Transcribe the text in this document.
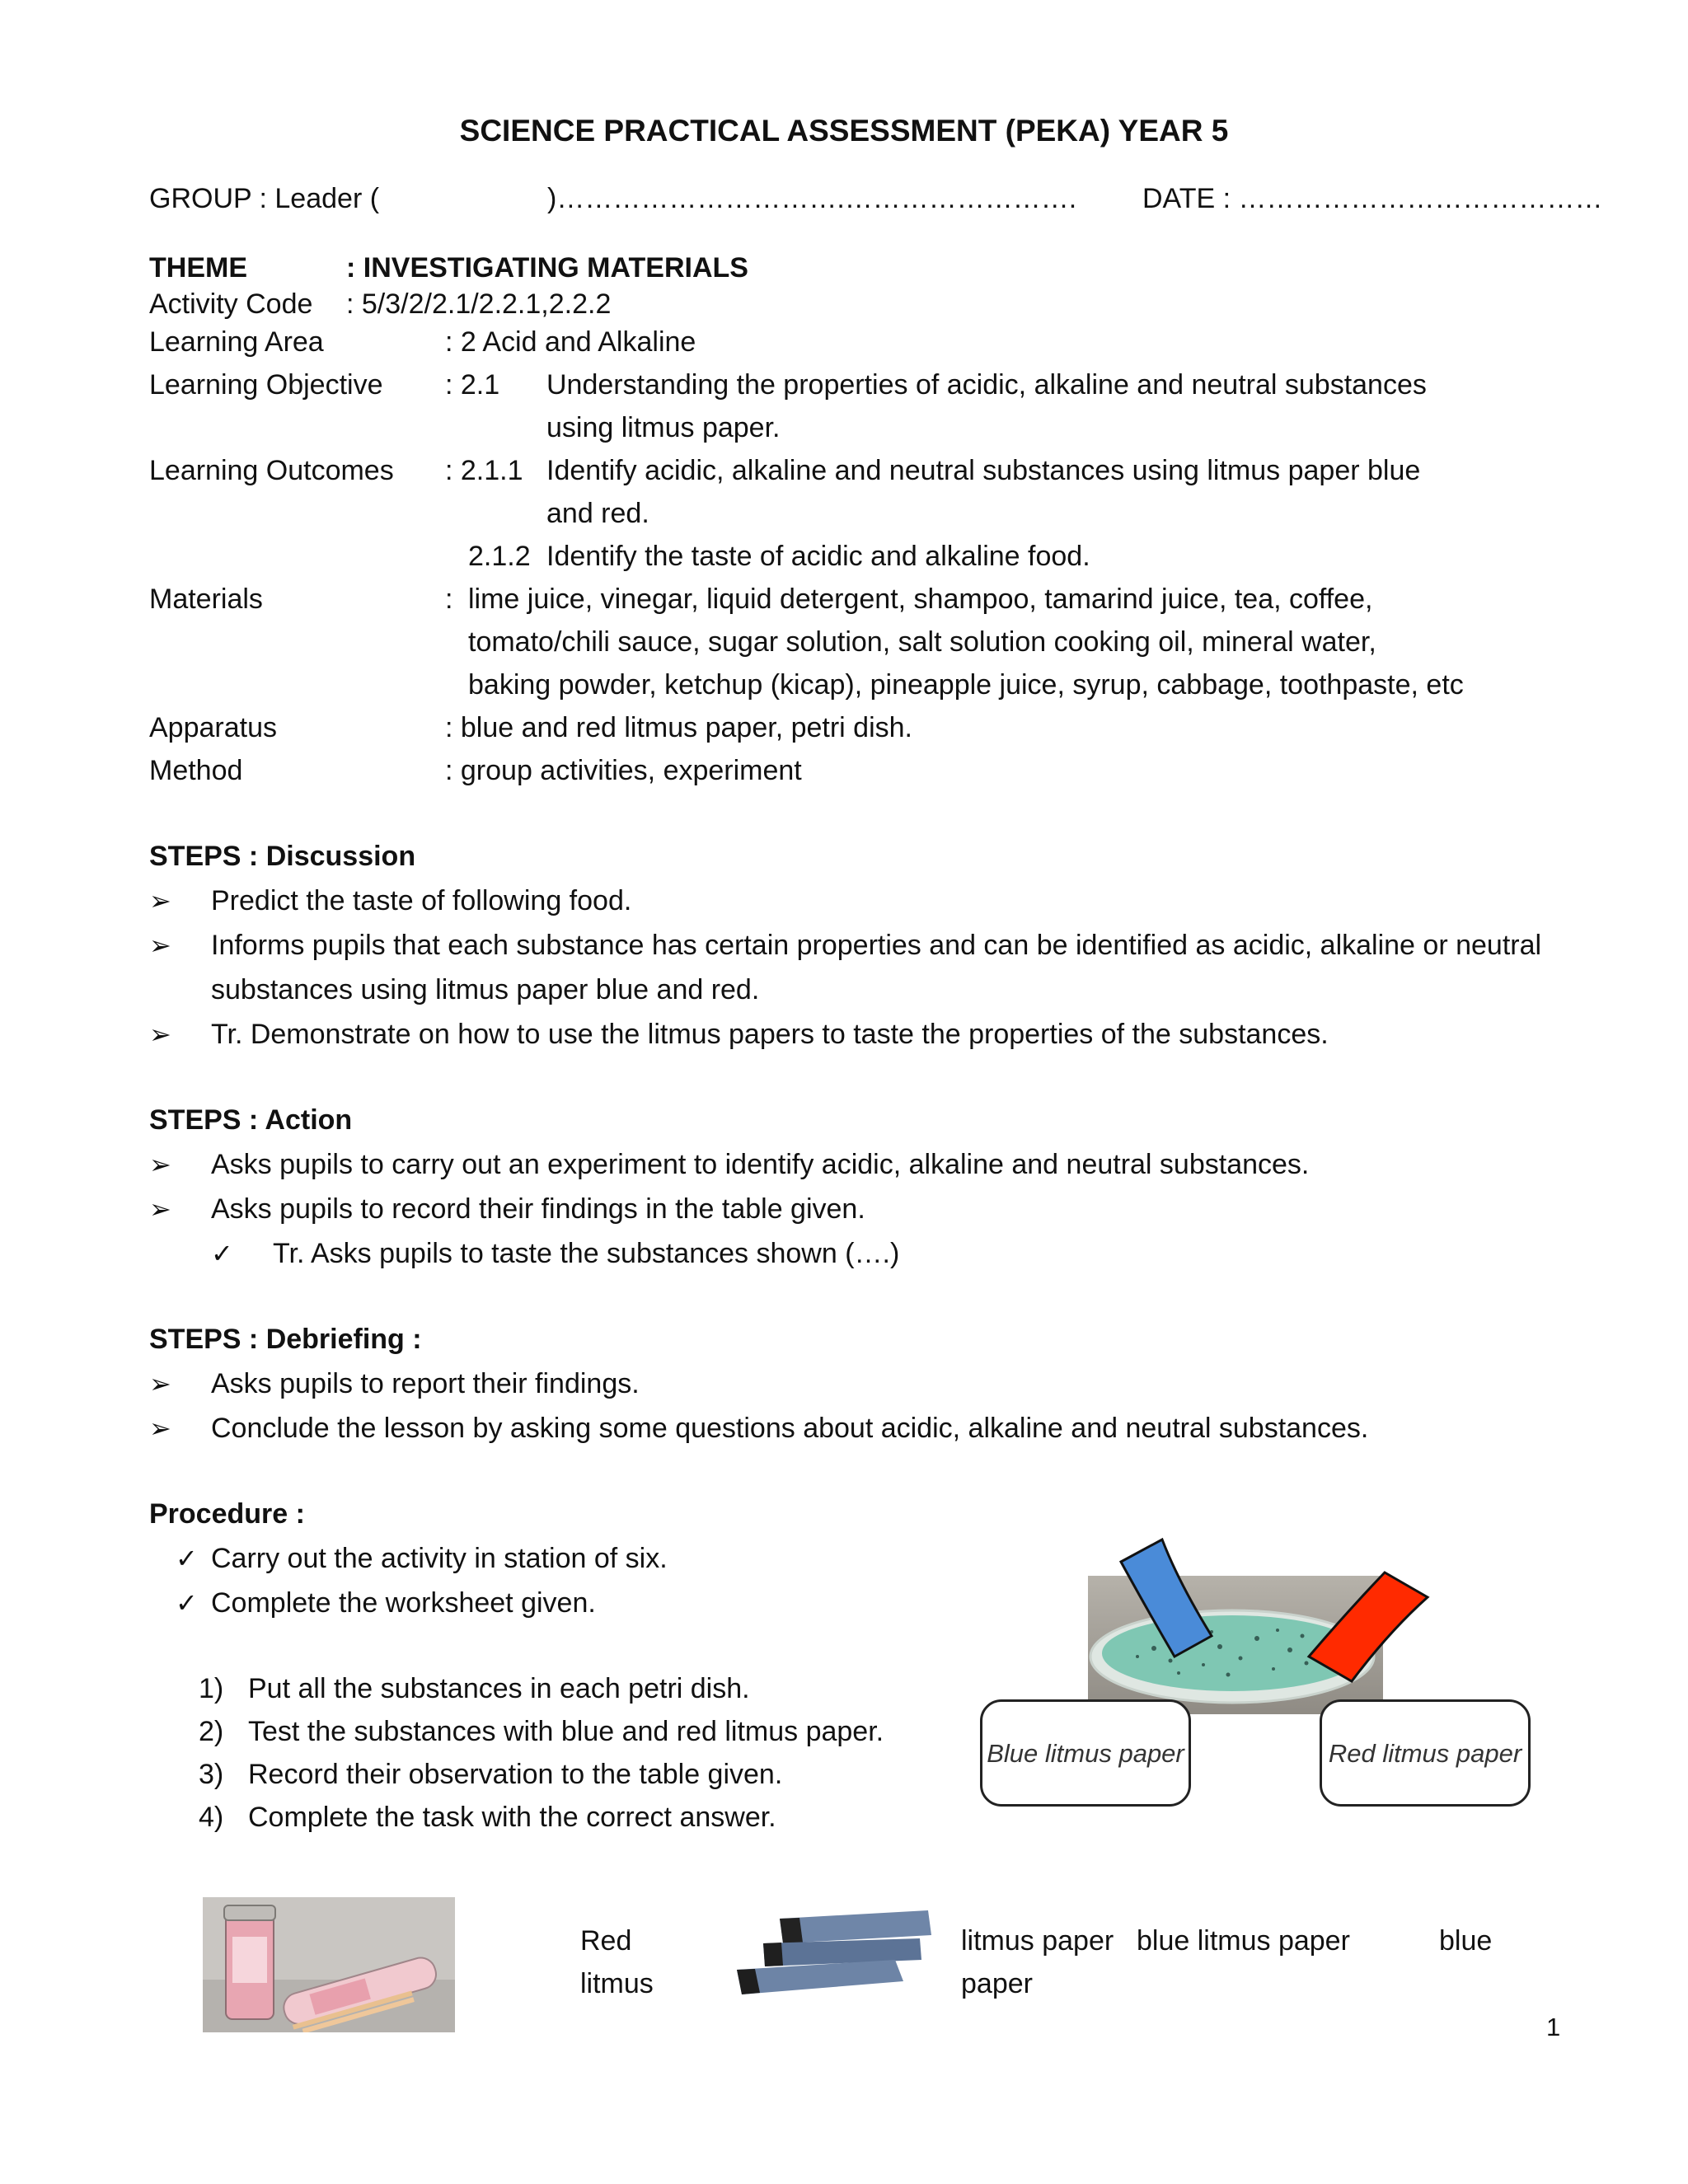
SCIENCE PRACTICAL ASSESSMENT (PEKA) YEAR 5
GROUP : Leader (	)………………………….……………………. DATE : …………………………………
THEME	: INVESTIGATING MATERIALS
Activity Code : 5/3/2/2.1/2.2.1,2.2.2
Learning Area	: 2 Acid and Alkaline
Learning Objective : 2.1 Understanding the properties of acidic, alkaline and neutral substances
using litmus paper.
Learning Outcomes : 2.1.1 Identify acidic, alkaline and neutral substances using litmus paper blue
and red.
2.1.2 Identify the taste of acidic and alkaline food.
Materials	: lime juice, vinegar, liquid detergent, shampoo, tamarind juice, tea, coffee,
tomato/chili sauce, sugar solution, salt solution cooking oil, mineral water,
baking powder, ketchup (kicap), pineapple juice, syrup, cabbage, toothpaste, etc
Apparatus	: blue and red litmus paper, petri dish.
Method	: group activities, experiment
STEPS : Discussion
➢ Predict the taste of following food.
➢ Informs pupils that each substance has certain properties and can be identified as acidic, alkaline or neutral
substances using litmus paper blue and red.
➢ Tr. Demonstrate on how to use the litmus papers to taste the properties of the substances.
STEPS : Action
➢ Asks pupils to carry out an experiment to identify acidic, alkaline and neutral substances.
➢ Asks pupils to record their findings in the table given.
✓ Tr. Asks pupils to taste the substances shown (….)
STEPS : Debriefing :
➢ Asks pupils to report their findings.
➢ Conclude the lesson by asking some questions about acidic, alkaline and neutral substances.
Procedure :
✓ Carry out the activity in station of six.
✓ Complete the worksheet given.
1) Put all the substances in each petri dish.
2) Test the substances with blue and red litmus paper.
3) Record their observation to the table given.
4) Complete the task with the correct answer.
Blue litmus paper	Red litmus paper
Red
litmus
litmus paper
paper
blue litmus paper	blue
1
